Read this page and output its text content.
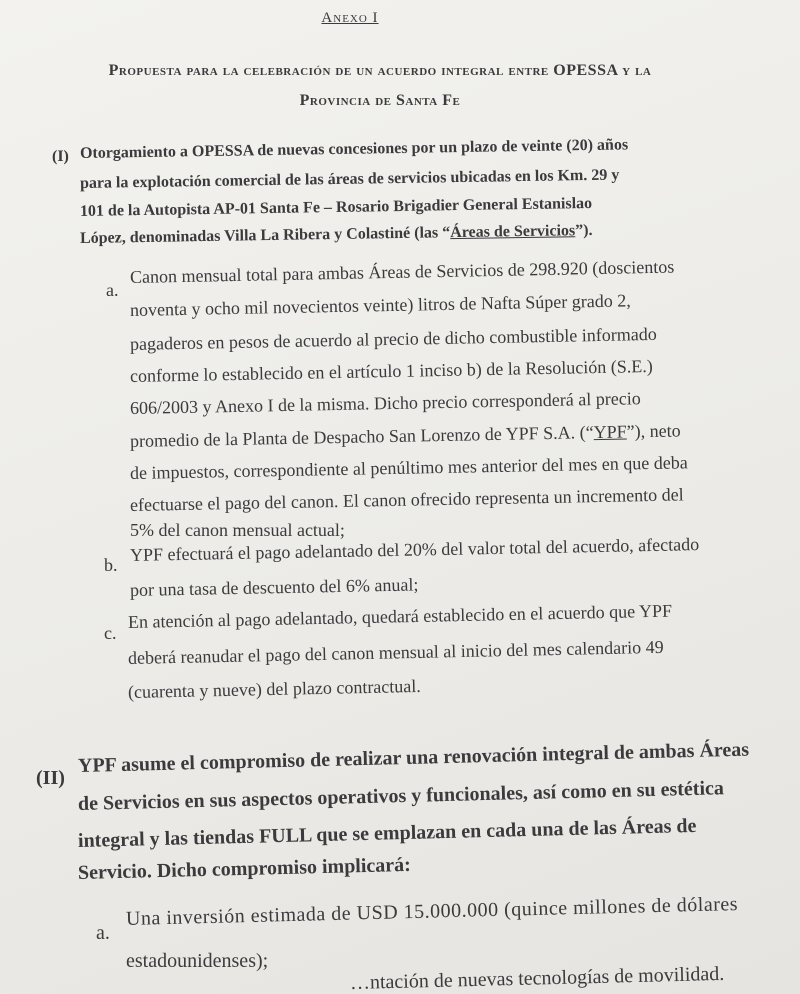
Anexo I
Propuesta para la celebración de un acuerdo integral entre OPESSA y la
Provincia de Santa Fe
(I) Otorgamiento a OPESSA de nuevas concesiones por un plazo de veinte (20) años
para la explotación comercial de las áreas de servicios ubicadas en los Km. 29 y
101 de la Autopista AP-01 Santa Fe – Rosario Brigadier General Estanislao
López, denominadas Villa La Ribera y Colastiné (las “Áreas de Servicios”).
a.
Canon mensual total para ambas Áreas de Servicios de 298.920 (doscientos
noventa y ocho mil novecientos veinte) litros de Nafta Súper grado 2,
pagaderos en pesos de acuerdo al precio de dicho combustible informado
conforme lo establecido en el artículo 1 inciso b) de la Resolución (S.E.)
606/2003 y Anexo I de la misma. Dicho precio corresponderá al precio
promedio de la Planta de Despacho San Lorenzo de YPF S.A. (“YPF”), neto
de impuestos, correspondiente al penúltimo mes anterior del mes en que deba
efectuarse el pago del canon. El canon ofrecido representa un incremento del
5% del canon mensual actual;
b.
YPF efectuará el pago adelantado del 20% del valor total del acuerdo, afectado
por una tasa de descuento del 6% anual;
c.
En atención al pago adelantado, quedará establecido en el acuerdo que YPF
deberá reanudar el pago del canon mensual al inicio del mes calendario 49
(cuarenta y nueve) del plazo contractual.
(II)
YPF asume el compromiso de realizar una renovación integral de ambas Áreas
de Servicios en sus aspectos operativos y funcionales, así como en su estética
integral y las tiendas FULL que se emplazan en cada una de las Áreas de
Servicio. Dicho compromiso implicará:
a.
Una inversión estimada de USD 15.000.000 (quince millones de dólares
estadounidenses);
…ntación de nuevas tecnologías de movilidad.
